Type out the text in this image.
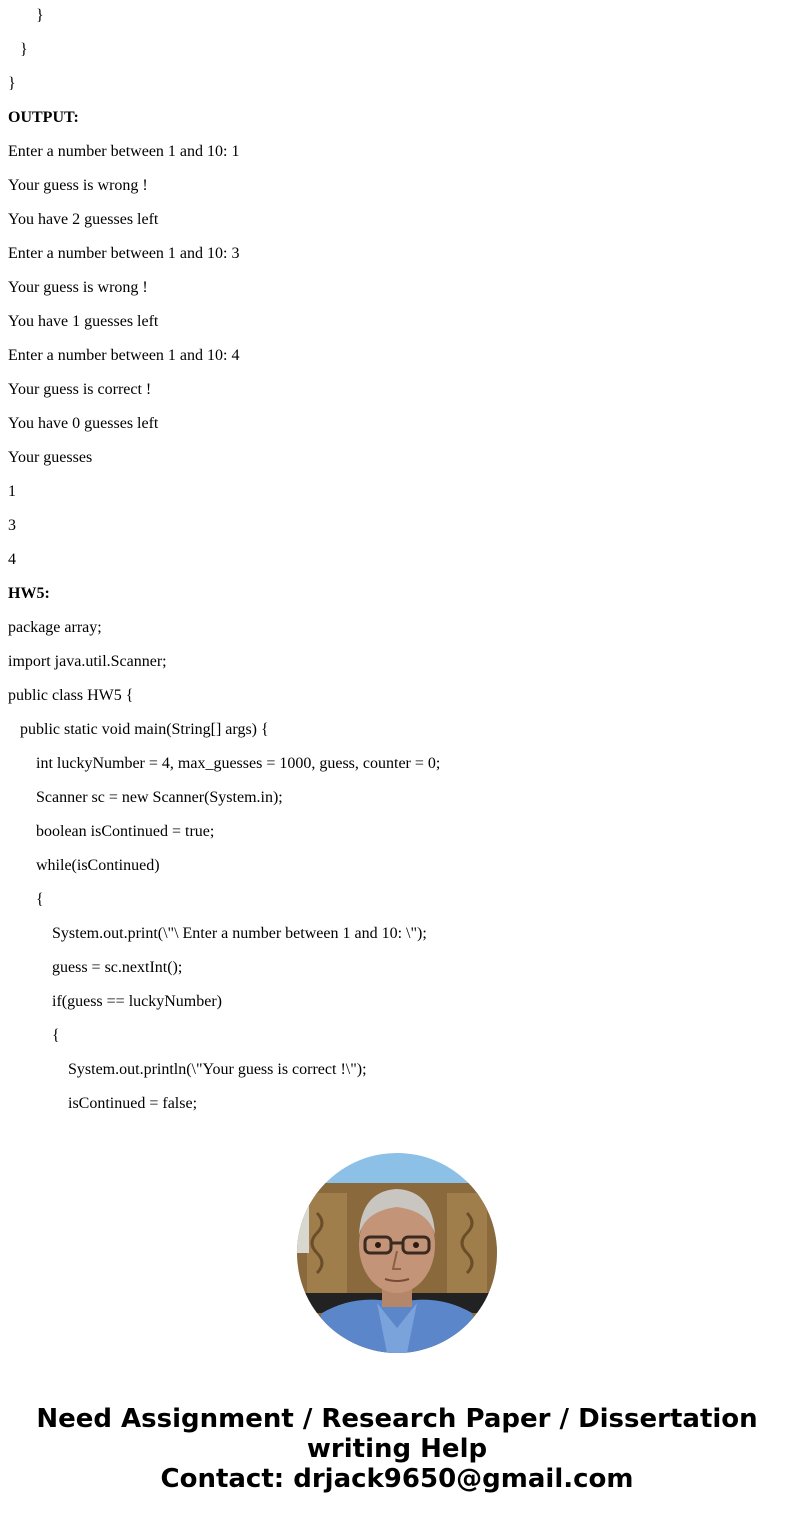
}
}
}
OUTPUT:
Enter a number between 1 and 10: 1
Your guess is wrong !
You have 2 guesses left
Enter a number between 1 and 10: 3
Your guess is wrong !
You have 1 guesses left
Enter a number between 1 and 10: 4
Your guess is correct !
You have 0 guesses left
Your guesses
1
3
4
HW5:
package array;
import java.util.Scanner;
public class HW5 {
public static void main(String[] args) {
int luckyNumber = 4, max_guesses = 1000, guess, counter = 0;
Scanner sc = new Scanner(System.in);
boolean isContinued = true;
while(isContinued)
{
System.out.print(\"\ Enter a number between 1 and 10: \");
guess = sc.nextInt();
if(guess == luckyNumber)
{
System.out.println(\"Your guess is correct !\");
isContinued = false;
Need Assignment / Research Paper / Dissertation
writing Help
Contact: drjack9650@gmail.com
